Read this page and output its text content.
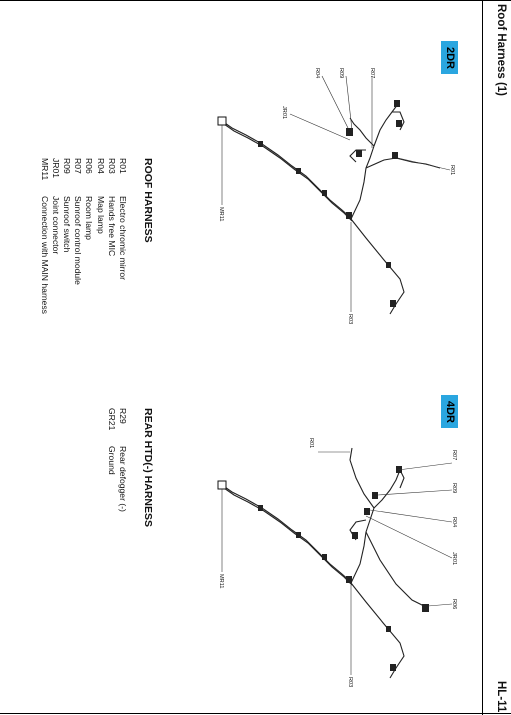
Roof Harness (1)
HL-11
2DR
4DR
R04	R09	R07
JR01
R01
MR11
R03
R01
R07
R09
R04
JR01
R06
MR11
R03
ROOF HARNESS
R01Electro chromic mirror
R03Hands free MIC
R04Map lamp
R06Room lamp
R07Sunroof control module
R09Sunroof switch
JR01Joint connector
MR11Connection with MAIN harness
REAR HTD(-) HARNESS
R29Rear defogger (-)
GR21Ground
